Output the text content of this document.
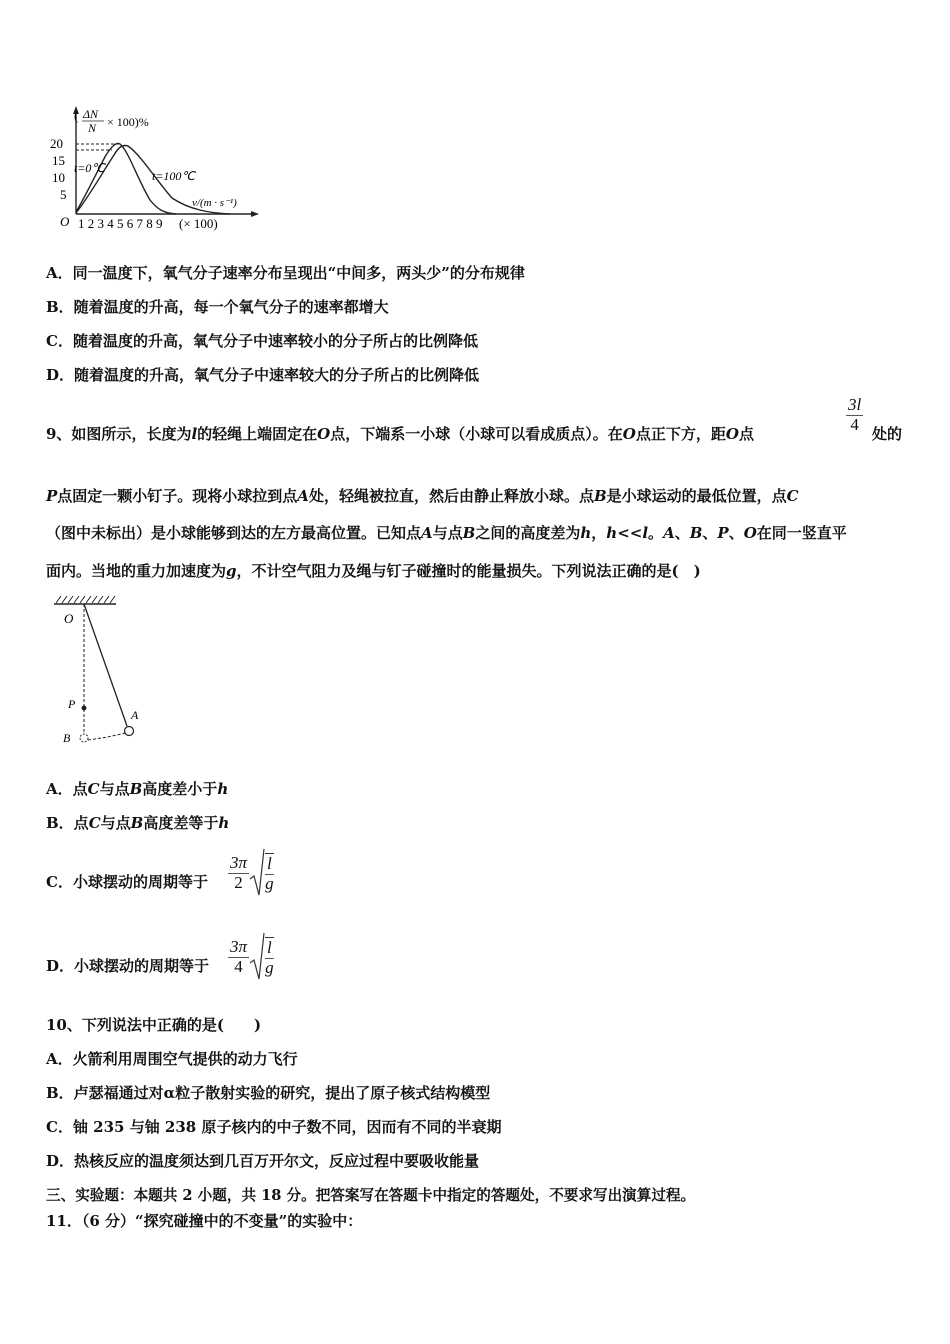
( ΔN
N × 100)%
20
15
10
5
t=0℃
t=100℃
v/(m · s⁻¹)
O 1 2 3 4 5 6 7 8 9 (× 100)
A．同一温度下，氧气分子速率分布呈现出“中间多，两头少”的分布规律
B．随着温度的升高，每一个氧气分子的速率都增大
C．随着温度的升高，氧气分子中速率较小的分子所占的比例降低
D．随着温度的升高，氧气分子中速率较大的分子所占的比例降低
9、如图所示，长度为l的轻绳上端固定在O点，下端系一小球（小球可以看成质点）。在O点正下方，距O点
3l
4
处的
P点固定一颗小钉子。现将小球拉到点A处，轻绳被拉直，然后由静止释放小球。点B是小球运动的最低位置，点C
（图中未标出）是小球能够到达的左方最高位置。已知点A与点B之间的高度差为h，h<<l。A、B、P、O在同一竖直平
面内。当地的重力加速度为g，不计空气阻力及绳与钉子碰撞时的能量损失。下列说法正确的是(　)
O
P
A
B
A．点C与点B高度差小于h
B．点C与点B高度差等于h
C．小球摆动的周期等于 $\frac{3\pi}{2} \frac{l}{g}$
D．小球摆动的周期等于 $\frac{3\pi}{4} \frac{l}{g}$
10、下列说法中正确的是(　　)
A．火箭利用周围空气提供的动力飞行
B．卢瑟福通过对α粒子散射实验的研究，提出了原子核式结构模型
C．铀 235 与铀 238 原子核内的中子数不同，因而有不同的半衰期
D．热核反应的温度须达到几百万开尔文，反应过程中要吸收能量
三、实验题：本题共 2 小题，共 18 分。把答案写在答题卡中指定的答题处，不要求写出演算过程。
11．（6 分）“探究碰撞中的不变量”的实验中：
